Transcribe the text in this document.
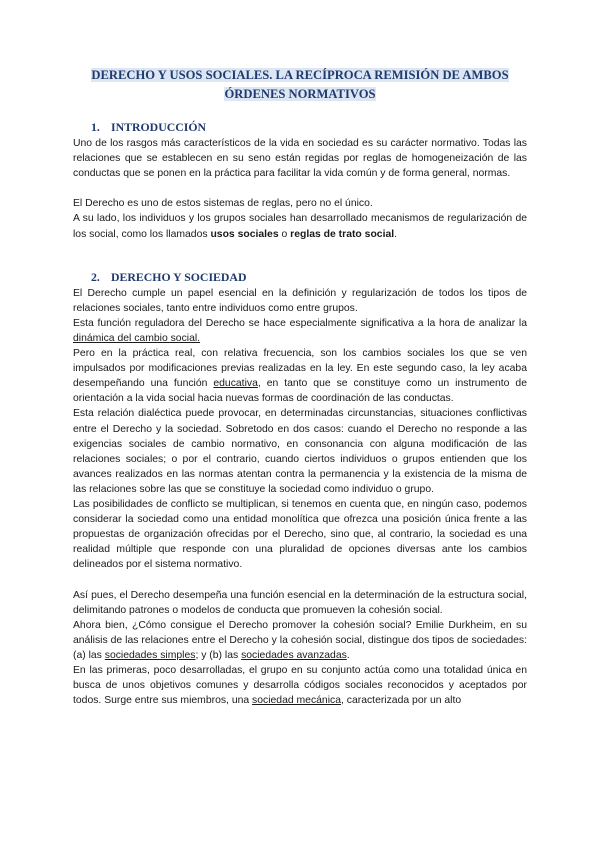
DERECHO Y USOS SOCIALES. LA RECÍPROCA REMISIÓN DE AMBOS
ÓRDENES NORMATIVOS
1. INTRODUCCIÓN

Uno de los rasgos más característicos de la vida en sociedad es su carácter normativo. Todas las relaciones que se establecen en su seno están regidas por reglas de homogeneización de las conductas que se ponen en la práctica para facilitar la vida común y de forma general, normas.

El Derecho es uno de estos sistemas de reglas, pero no el único.

A su lado, los individuos y los grupos sociales han desarrollado mecanismos de regularización de los social, como los llamados usos sociales o reglas de trato social.

2. DERECHO Y SOCIEDAD

El Derecho cumple un papel esencial en la definición y regularización de todos los tipos de relaciones sociales, tanto entre individuos como entre grupos.

Esta función reguladora del Derecho se hace especialmente significativa a la hora de analizar la dinámica del cambio social.

Pero en la práctica real, con relativa frecuencia, son los cambios sociales los que se ven impulsados por modificaciones previas realizadas en la ley. En este segundo caso, la ley acaba desempeñando una función educativa, en tanto que se constituye como un instrumento de orientación a la vida social hacia nuevas formas de coordinación de las conductas.

Esta relación dialéctica puede provocar, en determinadas circunstancias, situaciones conflictivas entre el Derecho y la sociedad. Sobretodo en dos casos: cuando el Derecho no responde a las exigencias sociales de cambio normativo, en consonancia con alguna modificación de las relaciones sociales; o por el contrario, cuando ciertos individuos o grupos entienden que los avances realizados en las normas atentan contra la permanencia y la existencia de la misma de las relaciones sobre las que se constituye la sociedad como individuo o grupo.

Las posibilidades de conflicto se multiplican, si tenemos en cuenta que, en ningún caso, podemos considerar la sociedad como una entidad monolítica que ofrezca una posición única frente a las propuestas de organización ofrecidas por el Derecho, sino que, al contrario, la sociedad es una realidad múltiple que responde con una pluralidad de opciones diversas ante los cambios delineados por el sistema normativo.

Así pues, el Derecho desempeña una función esencial en la determinación de la estructura social, delimitando patrones o modelos de conducta que promueven la cohesión social.

Ahora bien, ¿Cómo consigue el Derecho promover la cohesión social? Emilie Durkheim, en su análisis de las relaciones entre el Derecho y la cohesión social, distingue dos tipos de sociedades: (a) las sociedades simples; y (b) las sociedades avanzadas.

En las primeras, poco desarrolladas, el grupo en su conjunto actúa como una totalidad única en busca de unos objetivos comunes y desarrolla códigos sociales reconocidos y aceptados por todos. Surge entre sus miembros, una sociedad mecánica, caracterizada por un alto
